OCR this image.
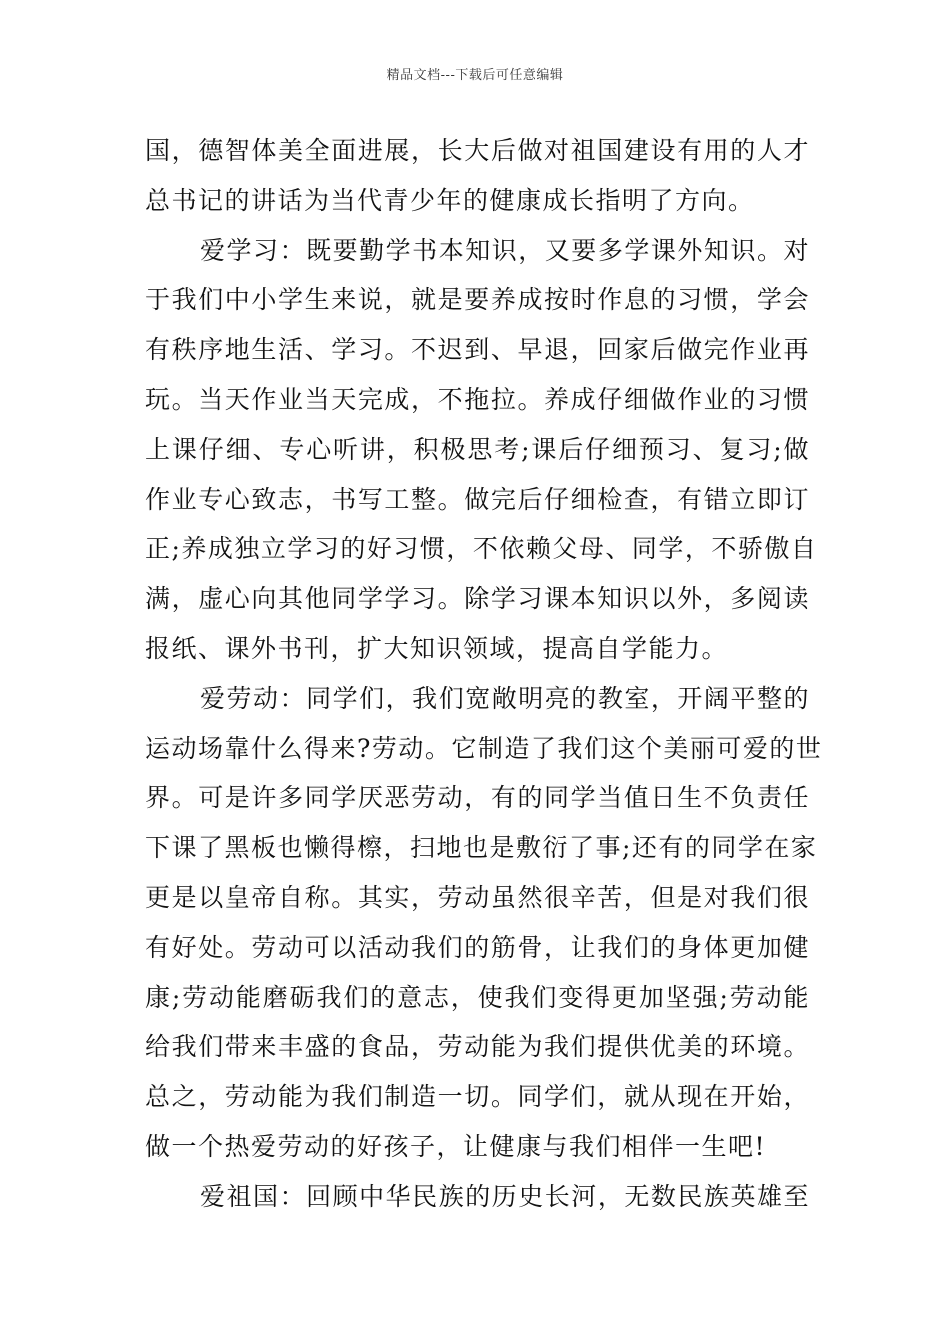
精品文档---下载后可任意编辑
国，德智体美全面进展，长大后做对祖国建设有用的人才
总书记的讲话为当代青少年的健康成长指明了方向。
爱学习：既要勤学书本知识，又要多学课外知识。对
于我们中小学生来说，就是要养成按时作息的习惯，学会
有秩序地生活、学习。不迟到、早退，回家后做完作业再
玩。当天作业当天完成，不拖拉。养成仔细做作业的习惯
上课仔细、专心听讲，积极思考;课后仔细预习、复习;做
作业专心致志，书写工整。做完后仔细检查，有错立即订
正;养成独立学习的好习惯，不依赖父母、同学，不骄傲自
满，虚心向其他同学学习。除学习课本知识以外，多阅读
报纸、课外书刊，扩大知识领域，提高自学能力。
爱劳动：同学们，我们宽敞明亮的教室，开阔平整的
运动场靠什么得来?劳动。它制造了我们这个美丽可爱的世
界。可是许多同学厌恶劳动，有的同学当值日生不负责任
下课了黑板也懒得檫，扫地也是敷衍了事;还有的同学在家
更是以皇帝自称。其实，劳动虽然很辛苦，但是对我们很
有好处。劳动可以活动我们的筋骨，让我们的身体更加健
康;劳动能磨砺我们的意志，使我们变得更加坚强;劳动能
给我们带来丰盛的食品，劳动能为我们提供优美的环境。
总之，劳动能为我们制造一切。同学们，就从现在开始，
做一个热爱劳动的好孩子，让健康与我们相伴一生吧!
爱祖国：回顾中华民族的历史长河，无数民族英雄至
